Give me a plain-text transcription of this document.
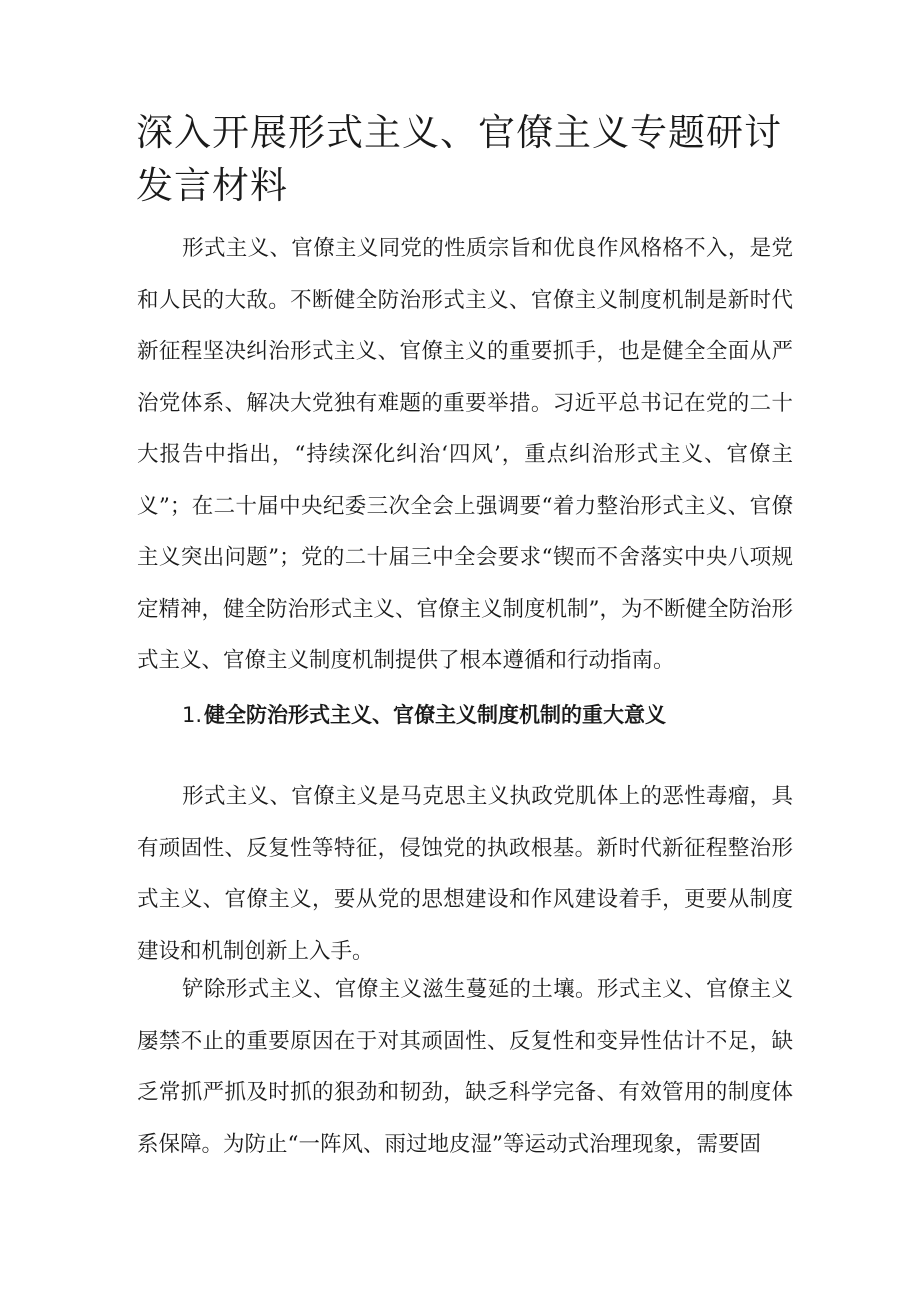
深入开展形式主义、官僚主义专题研讨发言材料

形式主义、官僚主义同党的性质宗旨和优良作风格格不入，是党和人民的大敌。不断健全防治形式主义、官僚主义制度机制是新时代新征程坚决纠治形式主义、官僚主义的重要抓手，也是健全全面从严治党体系、解决大党独有难题的重要举措。习近平总书记在党的二十大报告中指出，“持续深化纠治‘四风’，重点纠治形式主义、官僚主义”；在二十届中央纪委三次全会上强调要“着力整治形式主义、官僚主义突出问题”；党的二十届三中全会要求“锲而不舍落实中央八项规定精神，健全防治形式主义、官僚主义制度机制”，为不断健全防治形式主义、官僚主义制度机制提供了根本遵循和行动指南。

1.健全防治形式主义、官僚主义制度机制的重大意义

形式主义、官僚主义是马克思主义执政党肌体上的恶性毒瘤，具有顽固性、反复性等特征，侵蚀党的执政根基。新时代新征程整治形式主义、官僚主义，要从党的思想建设和作风建设着手，更要从制度建设和机制创新上入手。

铲除形式主义、官僚主义滋生蔓延的土壤。形式主义、官僚主义屡禁不止的重要原因在于对其顽固性、反复性和变异性估计不足，缺乏常抓严抓及时抓的狠劲和韧劲，缺乏科学完备、有效管用的制度体系保障。为防止“一阵风、雨过地皮湿”等运动式治理现象，需要固
